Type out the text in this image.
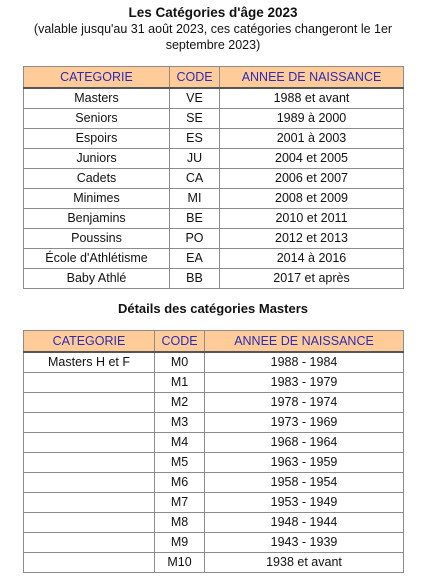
Les Catégories d'âge 2023
(valable jusqu'au 31 août 2023, ces catégories changeront le 1er
septembre 2023)
CATEGORIE	CODE	ANNEE DE NAISSANCE
Masters	VE	1988 et avant
Seniors	SE	1989 à 2000
Espoirs	ES	2001 à 2003
Juniors	JU	2004 et 2005
Cadets	CA	2006 et 2007
Minimes	MI	2008 et 2009
Benjamins	BE	2010 et 2011
Poussins	PO	2012 et 2013
École d'Athlétisme	EA	2014 à 2016
Baby Athlé	BB	2017 et après
Détails des catégories Masters
CATEGORIE	CODE	ANNEE DE NAISSANCE
Masters H et F	M0	1988 - 1984
	M1	1983 - 1979
	M2	1978 - 1974
	M3	1973 - 1969
	M4	1968 - 1964
	M5	1963 - 1959
	M6	1958 - 1954
	M7	1953 - 1949
	M8	1948 - 1944
	M9	1943 - 1939
	M10	1938 et avant
